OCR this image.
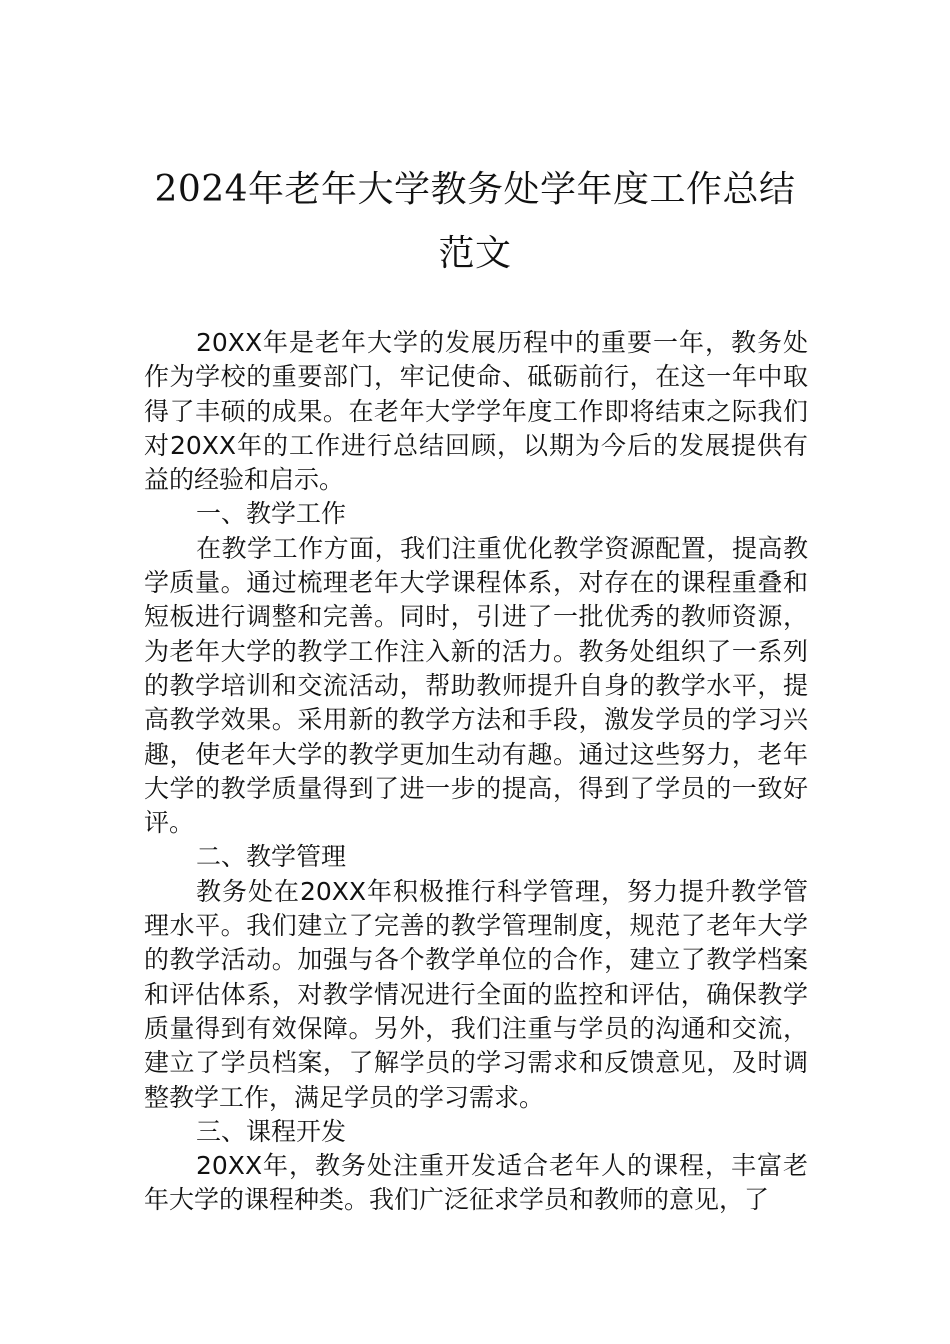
2024年老年大学教务处学年度工作总结范文

20XX年是老年大学的发展历程中的重要一年，教务处作为学校的重要部门，牢记使命、砥砺前行，在这一年中取得了丰硕的成果。在老年大学学年度工作即将结束之际我们对20XX年的工作进行总结回顾，以期为今后的发展提供有益的经验和启示。

一、教学工作

在教学工作方面，我们注重优化教学资源配置，提高教学质量。通过梳理老年大学课程体系，对存在的课程重叠和短板进行调整和完善。同时，引进了一批优秀的教师资源，为老年大学的教学工作注入新的活力。教务处组织了一系列的教学培训和交流活动，帮助教师提升自身的教学水平，提高教学效果。采用新的教学方法和手段，激发学员的学习兴趣，使老年大学的教学更加生动有趣。通过这些努力，老年大学的教学质量得到了进一步的提高，得到了学员的一致好评。

二、教学管理

教务处在20XX年积极推行科学管理，努力提升教学管理水平。我们建立了完善的教学管理制度，规范了老年大学的教学活动。加强与各个教学单位的合作，建立了教学档案和评估体系，对教学情况进行全面的监控和评估，确保教学质量得到有效保障。另外，我们注重与学员的沟通和交流，建立了学员档案，了解学员的学习需求和反馈意见，及时调整教学工作，满足学员的学习需求。

三、课程开发

20XX年，教务处注重开发适合老年人的课程，丰富老年大学的课程种类。我们广泛征求学员和教师的意见，了
